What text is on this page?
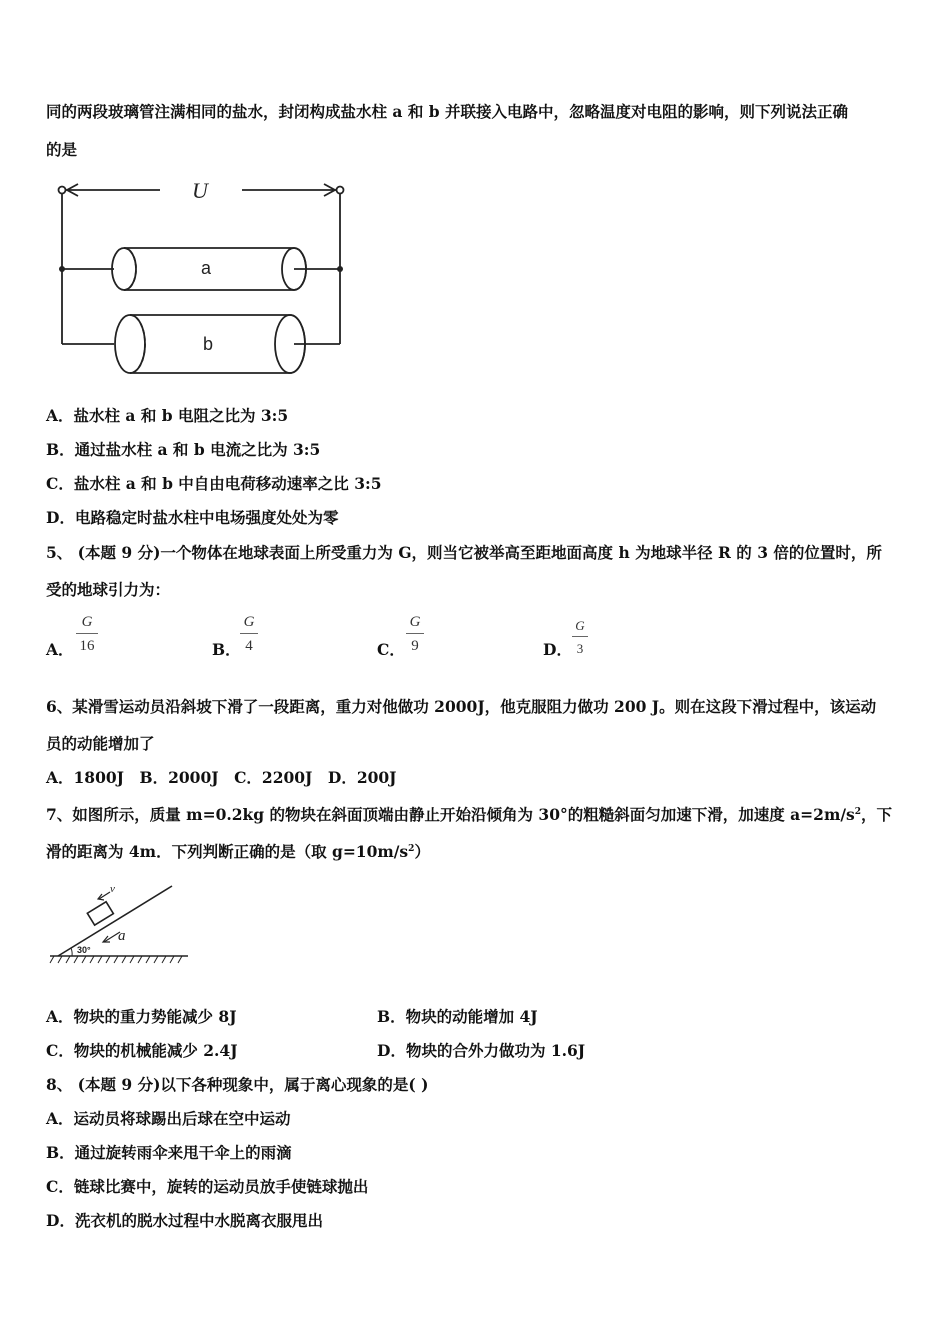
同的两段玻璃管注满相同的盐水，封闭构成盐水柱 a 和 b 并联接入电路中，忽略温度对电阻的影响，则下列说法正确
的是
U
a
b
A．盐水柱 a 和 b 电阻之比为 3:5
B．通过盐水柱 a 和 b 电流之比为 3:5
C．盐水柱 a 和 b 中自由电荷移动速率之比 3:5
D．电路稳定时盐水柱中电场强度处处为零
5、 (本题 9 分)一个物体在地球表面上所受重力为 G，则当它被举高至距地面高度 h 为地球半径 R 的 3 倍的位置时，所
受的地球引力为：
A． $\frac{G}{16}$	B． $\frac{G}{4}$	C． $\frac{G}{9}$	D． $\frac{G}{3}$
6、某滑雪运动员沿斜坡下滑了一段距离，重力对他做功 2000J，他克服阻力做功 200 J。则在这段下滑过程中，该运动
员的动能增加了
A．1800J　B．2000J　C．2200J　D．200J
7、如图所示，质量 m=0.2kg 的物块在斜面顶端由静止开始沿倾角为 30°的粗糙斜面匀加速下滑，加速度 $a=2m/s^2$，下
滑的距离为 4m．下列判断正确的是（取 $g=10m/s^2$）
v
a
30°
A．物块的重力势能减少 8J	B．物块的动能增加 4J
C．物块的机械能减少 2.4J	D．物块的合外力做功为 1.6J
8、 (本题 9 分)以下各种现象中，属于离心现象的是( )
A．运动员将球踢出后球在空中运动
B．通过旋转雨伞来甩干伞上的雨滴
C．链球比赛中，旋转的运动员放手使链球抛出
D．洗衣机的脱水过程中水脱离衣服甩出
